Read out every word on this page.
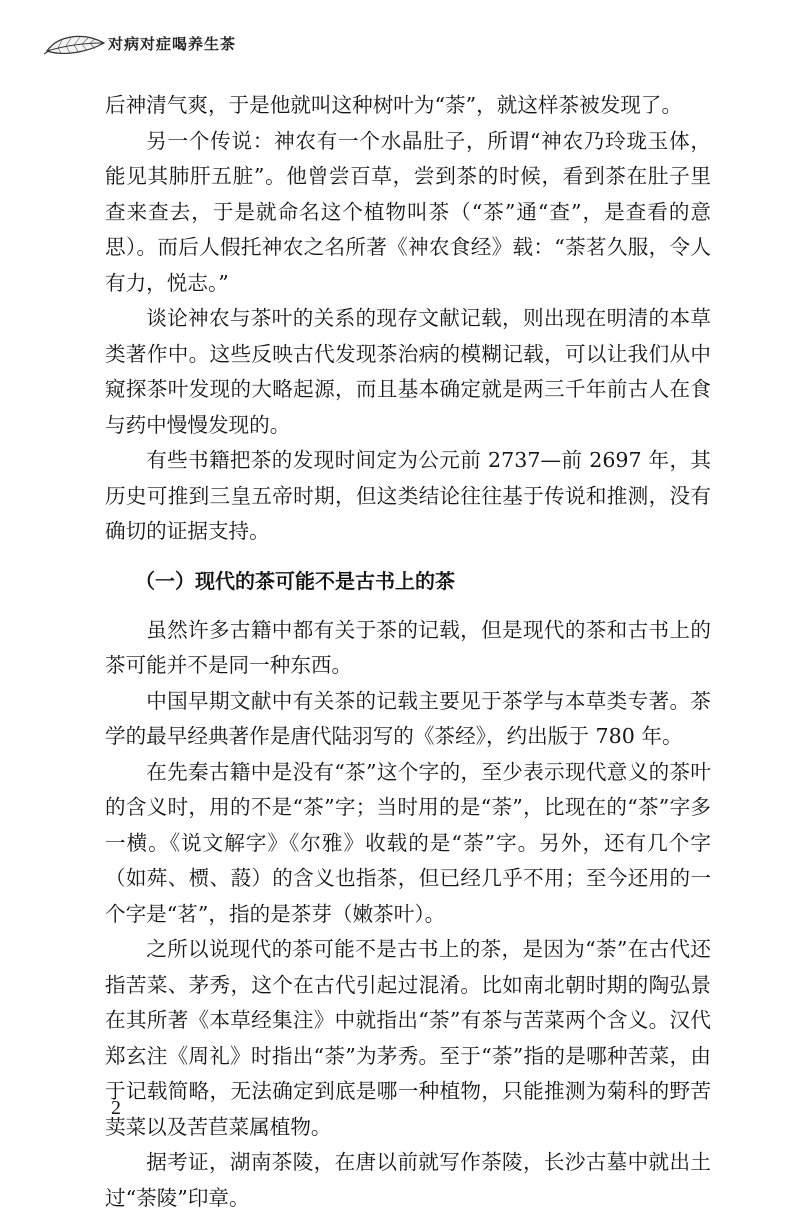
对病对症喝养生茶

后神清气爽，于是他就叫这种树叶为“荼”，就这样茶被发现了。

另一个传说：神农有一个水晶肚子，所谓“神农乃玲珑玉体，能见其肺肝五脏”。他曾尝百草，尝到茶的时候，看到茶在肚子里查来查去，于是就命名这个植物叫茶（“茶”通“查”，是查看的意思）。而后人假托神农之名所著《神农食经》载：“荼茗久服，令人有力，悦志。”

谈论神农与茶叶的关系的现存文献记载，则出现在明清的本草类著作中。这些反映古代发现茶治病的模糊记载，可以让我们从中窥探茶叶发现的大略起源，而且基本确定就是两三千年前古人在食与药中慢慢发现的。

有些书籍把茶的发现时间定为公元前 2737—前 2697 年，其历史可推到三皇五帝时期，但这类结论往往基于传说和推测，没有确切的证据支持。

（一）现代的茶可能不是古书上的茶

虽然许多古籍中都有关于茶的记载，但是现代的茶和古书上的茶可能并不是同一种东西。

中国早期文献中有关茶的记载主要见于茶学与本草类专著。茶学的最早经典著作是唐代陆羽写的《茶经》，约出版于 780 年。

在先秦古籍中是没有“茶”这个字的，至少表示现代意义的茶叶的含义时，用的不是“茶”字；当时用的是“荼”，比现在的“茶”字多一横。《说文解字》《尔雅》收载的是“荼”字。另外，还有几个字（如荈、槚、蔎）的含义也指茶，但已经几乎不用；至今还用的一个字是“茗”，指的是茶芽（嫩茶叶）。

之所以说现代的茶可能不是古书上的茶，是因为“荼”在古代还指苦菜、茅秀，这个在古代引起过混淆。比如南北朝时期的陶弘景在其所著《本草经集注》中就指出“荼”有茶与苦菜两个含义。汉代郑玄注《周礼》时指出“荼”为茅秀。至于“荼”指的是哪种苦菜，由于记载简略，无法确定到底是哪一种植物，只能推测为菊科的野苦荬菜以及苦苣菜属植物。

据考证，湖南茶陵，在唐以前就写作荼陵，长沙古墓中就出土过“荼陵”印章。

2
